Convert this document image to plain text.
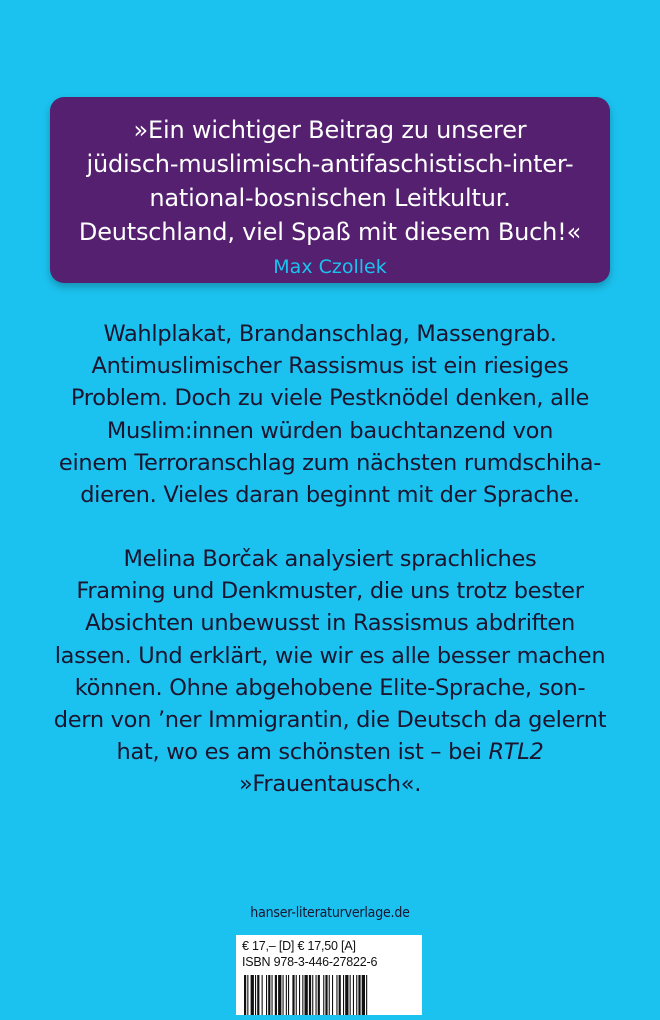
»Ein wichtiger Beitrag zu unserer
jüdisch-muslimisch-antifaschistisch-inter-
national-bosnischen Leitkultur.
Deutschland, viel Spaß mit diesem Buch!«
Max Czollek
Wahlplakat, Brandanschlag, Massengrab.
Antimuslimischer Rassismus ist ein riesiges
Problem. Doch zu viele Pestknödel denken, alle
Muslim:innen würden bauchtanzend von
einem Terroranschlag zum nächsten rumdschiha-
dieren. Vieles daran beginnt mit der Sprache.
Melina Borčak analysiert sprachliches
Framing und Denkmuster, die uns trotz bester
Absichten unbewusst in Rassismus abdriften
lassen. Und erklärt, wie wir es alle besser machen
können. Ohne abgehobene Elite-Sprache, son-
dern von ’ner Immigrantin, die Deutsch da gelernt
hat, wo es am schönsten ist – bei RTL2
»Frauentausch«.
hanser-literaturverlage.de
€ 17,– [D] € 17,50 [A]
ISBN 978-3-446-27822-6
